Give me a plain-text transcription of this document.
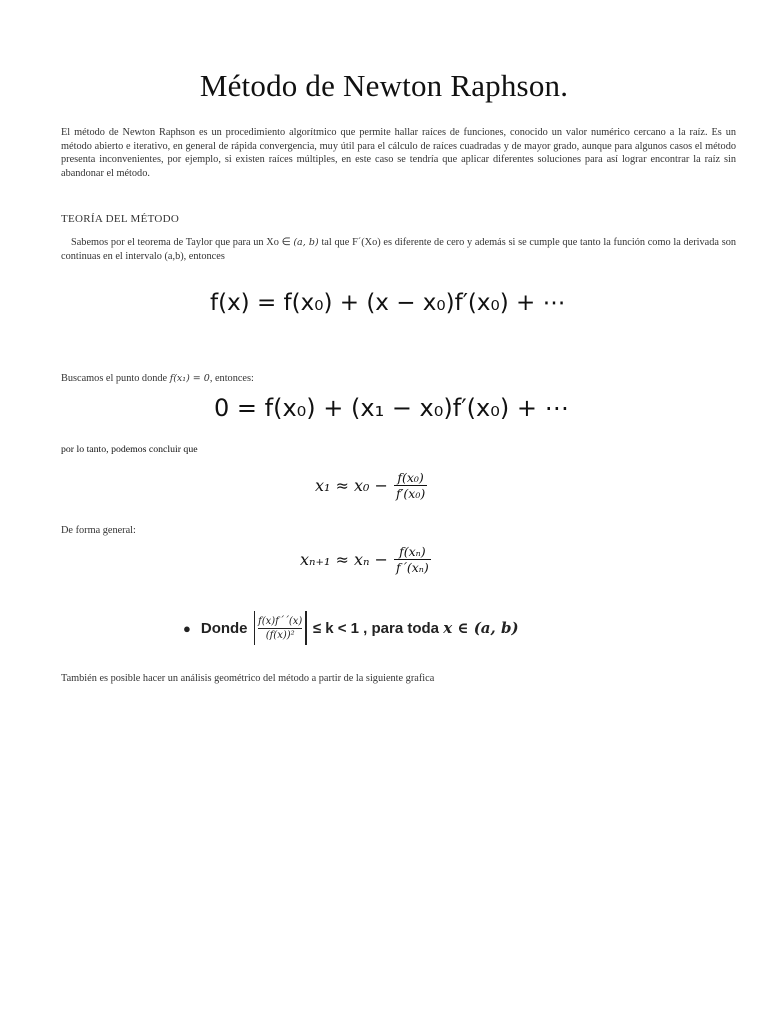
Método de Newton Raphson.
El método de Newton Raphson es un procedimiento algorítmico que permite hallar raíces de funciones, conocido un valor numérico cercano a la raíz. Es un método abierto e iterativo, en general de rápida convergencia, muy útil para el cálculo de raíces cuadradas y de mayor grado, aunque para algunos casos el método presenta inconvenientes, por ejemplo, si existen raíces múltiples, en este caso se tendría que aplicar diferentes soluciones para así lograr encontrar la raíz sin abandonar el método.
TEORÍA DEL MÉTODO
Sabemos por el teorema de Taylor que para un Xo ∈ (a, b) tal que F´(Xo) es diferente de cero y además si se cumple que tanto la función como la derivada son continuas en el intervalo (a,b), entonces
f(x) = f(x₀) + (x − x₀)f′(x₀) + ⋯
Buscamos el punto donde f(x₁) = 0, entonces:
0 = f(x₀) + (x₁ − x₀)f′(x₀) + ⋯
por lo tanto, podemos concluir que
$x_1 \approx x_0 - \frac{\text{f(x₀)}}{\text{f′(x₀)}}$
De forma general:
$x_{n+1} \approx x_n - \frac{\text{f(xₙ)}}{\text{f´(xₙ)}}$
● Donde $\frac{f(x)f´´(x)}{\text{(f(x))²}} \le k < 1$ , para toda x ∈ (a, b)
También es posible hacer un análisis geométrico del método a partir de la siguiente grafica
